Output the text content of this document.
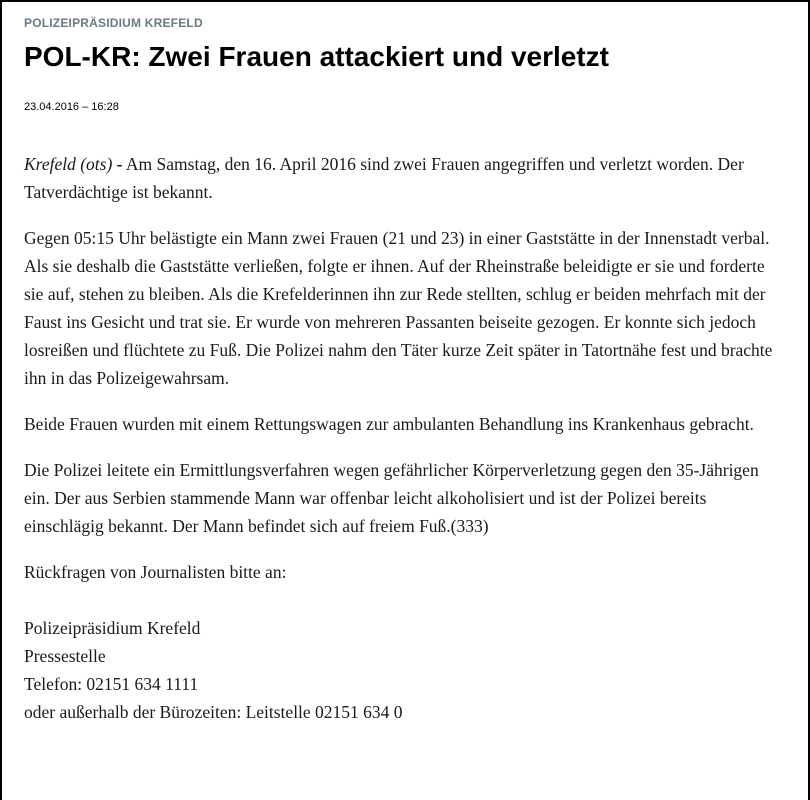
POLIZEIPRÄSIDIUM KREFELD
POL-KR: Zwei Frauen attackiert und verletzt
23.04.2016 – 16:28

Krefeld (ots) - Am Samstag, den 16. April 2016 sind zwei Frauen angegriffen und verletzt worden. Der Tatverdächtige ist bekannt.

Gegen 05:15 Uhr belästigte ein Mann zwei Frauen (21 und 23) in einer Gaststätte in der Innenstadt verbal. Als sie deshalb die Gaststätte verließen, folgte er ihnen. Auf der Rheinstraße beleidigte er sie und forderte sie auf, stehen zu bleiben. Als die Krefelderinnen ihn zur Rede stellten, schlug er beiden mehrfach mit der Faust ins Gesicht und trat sie. Er wurde von mehreren Passanten beiseite gezogen. Er konnte sich jedoch losreißen und flüchtete zu Fuß. Die Polizei nahm den Täter kurze Zeit später in Tatortnähe fest und brachte ihn in das Polizeigewahrsam.

Beide Frauen wurden mit einem Rettungswagen zur ambulanten Behandlung ins Krankenhaus gebracht.

Die Polizei leitete ein Ermittlungsverfahren wegen gefährlicher Körperverletzung gegen den 35-Jährigen ein. Der aus Serbien stammende Mann war offenbar leicht alkoholisiert und ist der Polizei bereits einschlägig bekannt. Der Mann befindet sich auf freiem Fuß.(333)

Rückfragen von Journalisten bitte an:

Polizeipräsidium Krefeld
Pressestelle
Telefon: 02151 634 1111
oder außerhalb der Bürozeiten: Leitstelle 02151 634 0
